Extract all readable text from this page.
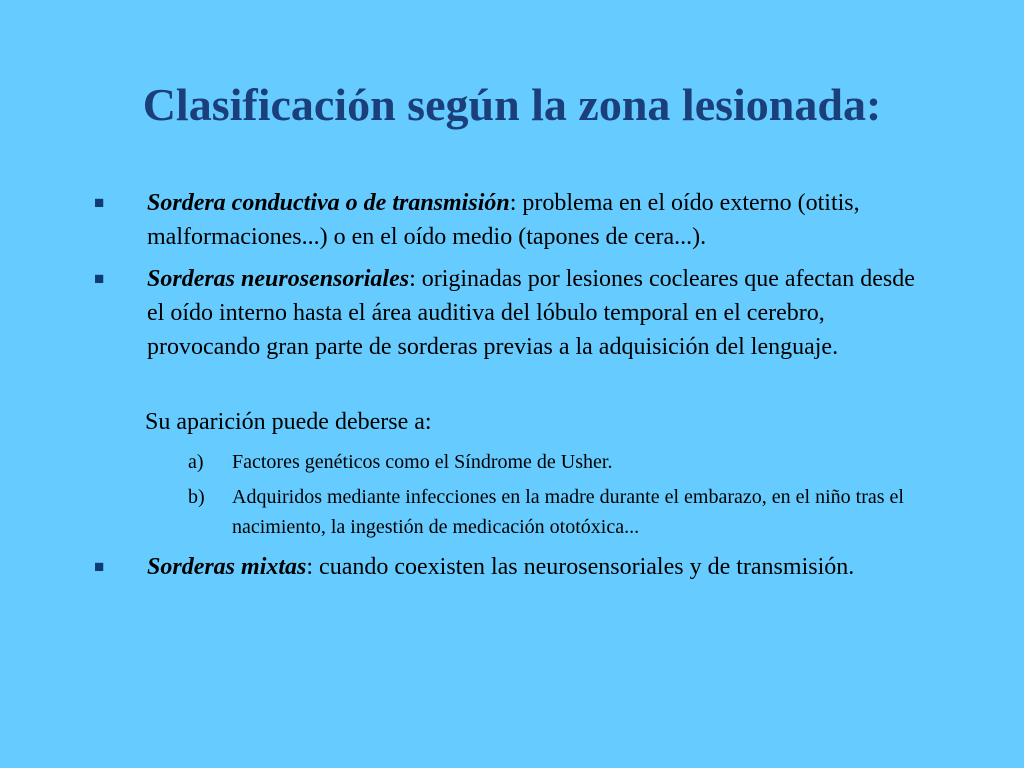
Clasificación según la zona lesionada:
■ Sordera conductiva o de transmisión: problema en el oído externo (otitis, malformaciones...) o en el oído medio (tapones de cera...).
■ Sorderas neurosensoriales: originadas por lesiones cocleares que afectan desde el oído interno hasta el área auditiva del lóbulo temporal en el cerebro, provocando gran parte de sorderas previas a la adquisición del lenguaje.
Su aparición puede deberse a:
a) Factores genéticos como el Síndrome de Usher.
b) Adquiridos mediante infecciones en la madre durante el embarazo, en el niño tras el nacimiento, la ingestión de medicación ototóxica...
■ Sorderas mixtas: cuando coexisten las neurosensoriales y de transmisión.
